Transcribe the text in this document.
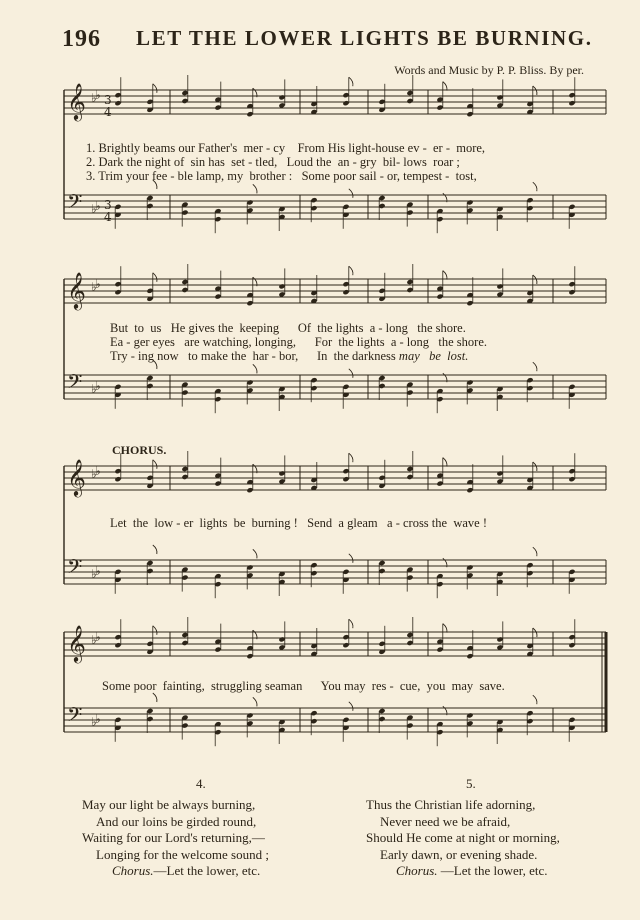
196 LET THE LOWER LIGHTS BE BURNING.
Words and Music by P. P. Bliss. By per.
𝄞
𝄢
♭
♭
♭
♭
3
4
3
4
𝄞
𝄢
♭
♭
♭
♭
𝄞
𝄢
♭
♭
♭
♭
𝄞
𝄢
♭
♭
♭
♭
1. Brightly beams our Father's  mer - cy    From His light-house ev -  er -  more,
2. Dark the night of  sin has  set - tled,   Loud the  an - gry  bil- lows  roar ;
3. Trim your fee - ble lamp, my  brother :   Some poor sail - or, tempest -  tost,
But  to  us   He gives the  keeping      Of  the lights  a - long   the shore.
Ea - ger eyes   are watching, longing,      For  the lights  a - long   the shore.
Try - ing now   to make the  har - bor,      In  the darkness may   be  lost.
CHORUS.
Let  the  low - er  lights  be  burning !   Send  a gleam   a - cross the  wave !
Some poor  fainting,  struggling seaman      You may  res -  cue,  you  may  save.
4.
May our light be always burning,
And our loins be girded round,
Waiting for our Lord's returning,—
Longing for the welcome sound ;
Chorus.—Let the lower, etc.
5.
Thus the Christian life adorning,
Never need we be afraid,
Should He come at night or morning,
Early dawn, or evening shade.
Chorus. —Let the lower, etc.
